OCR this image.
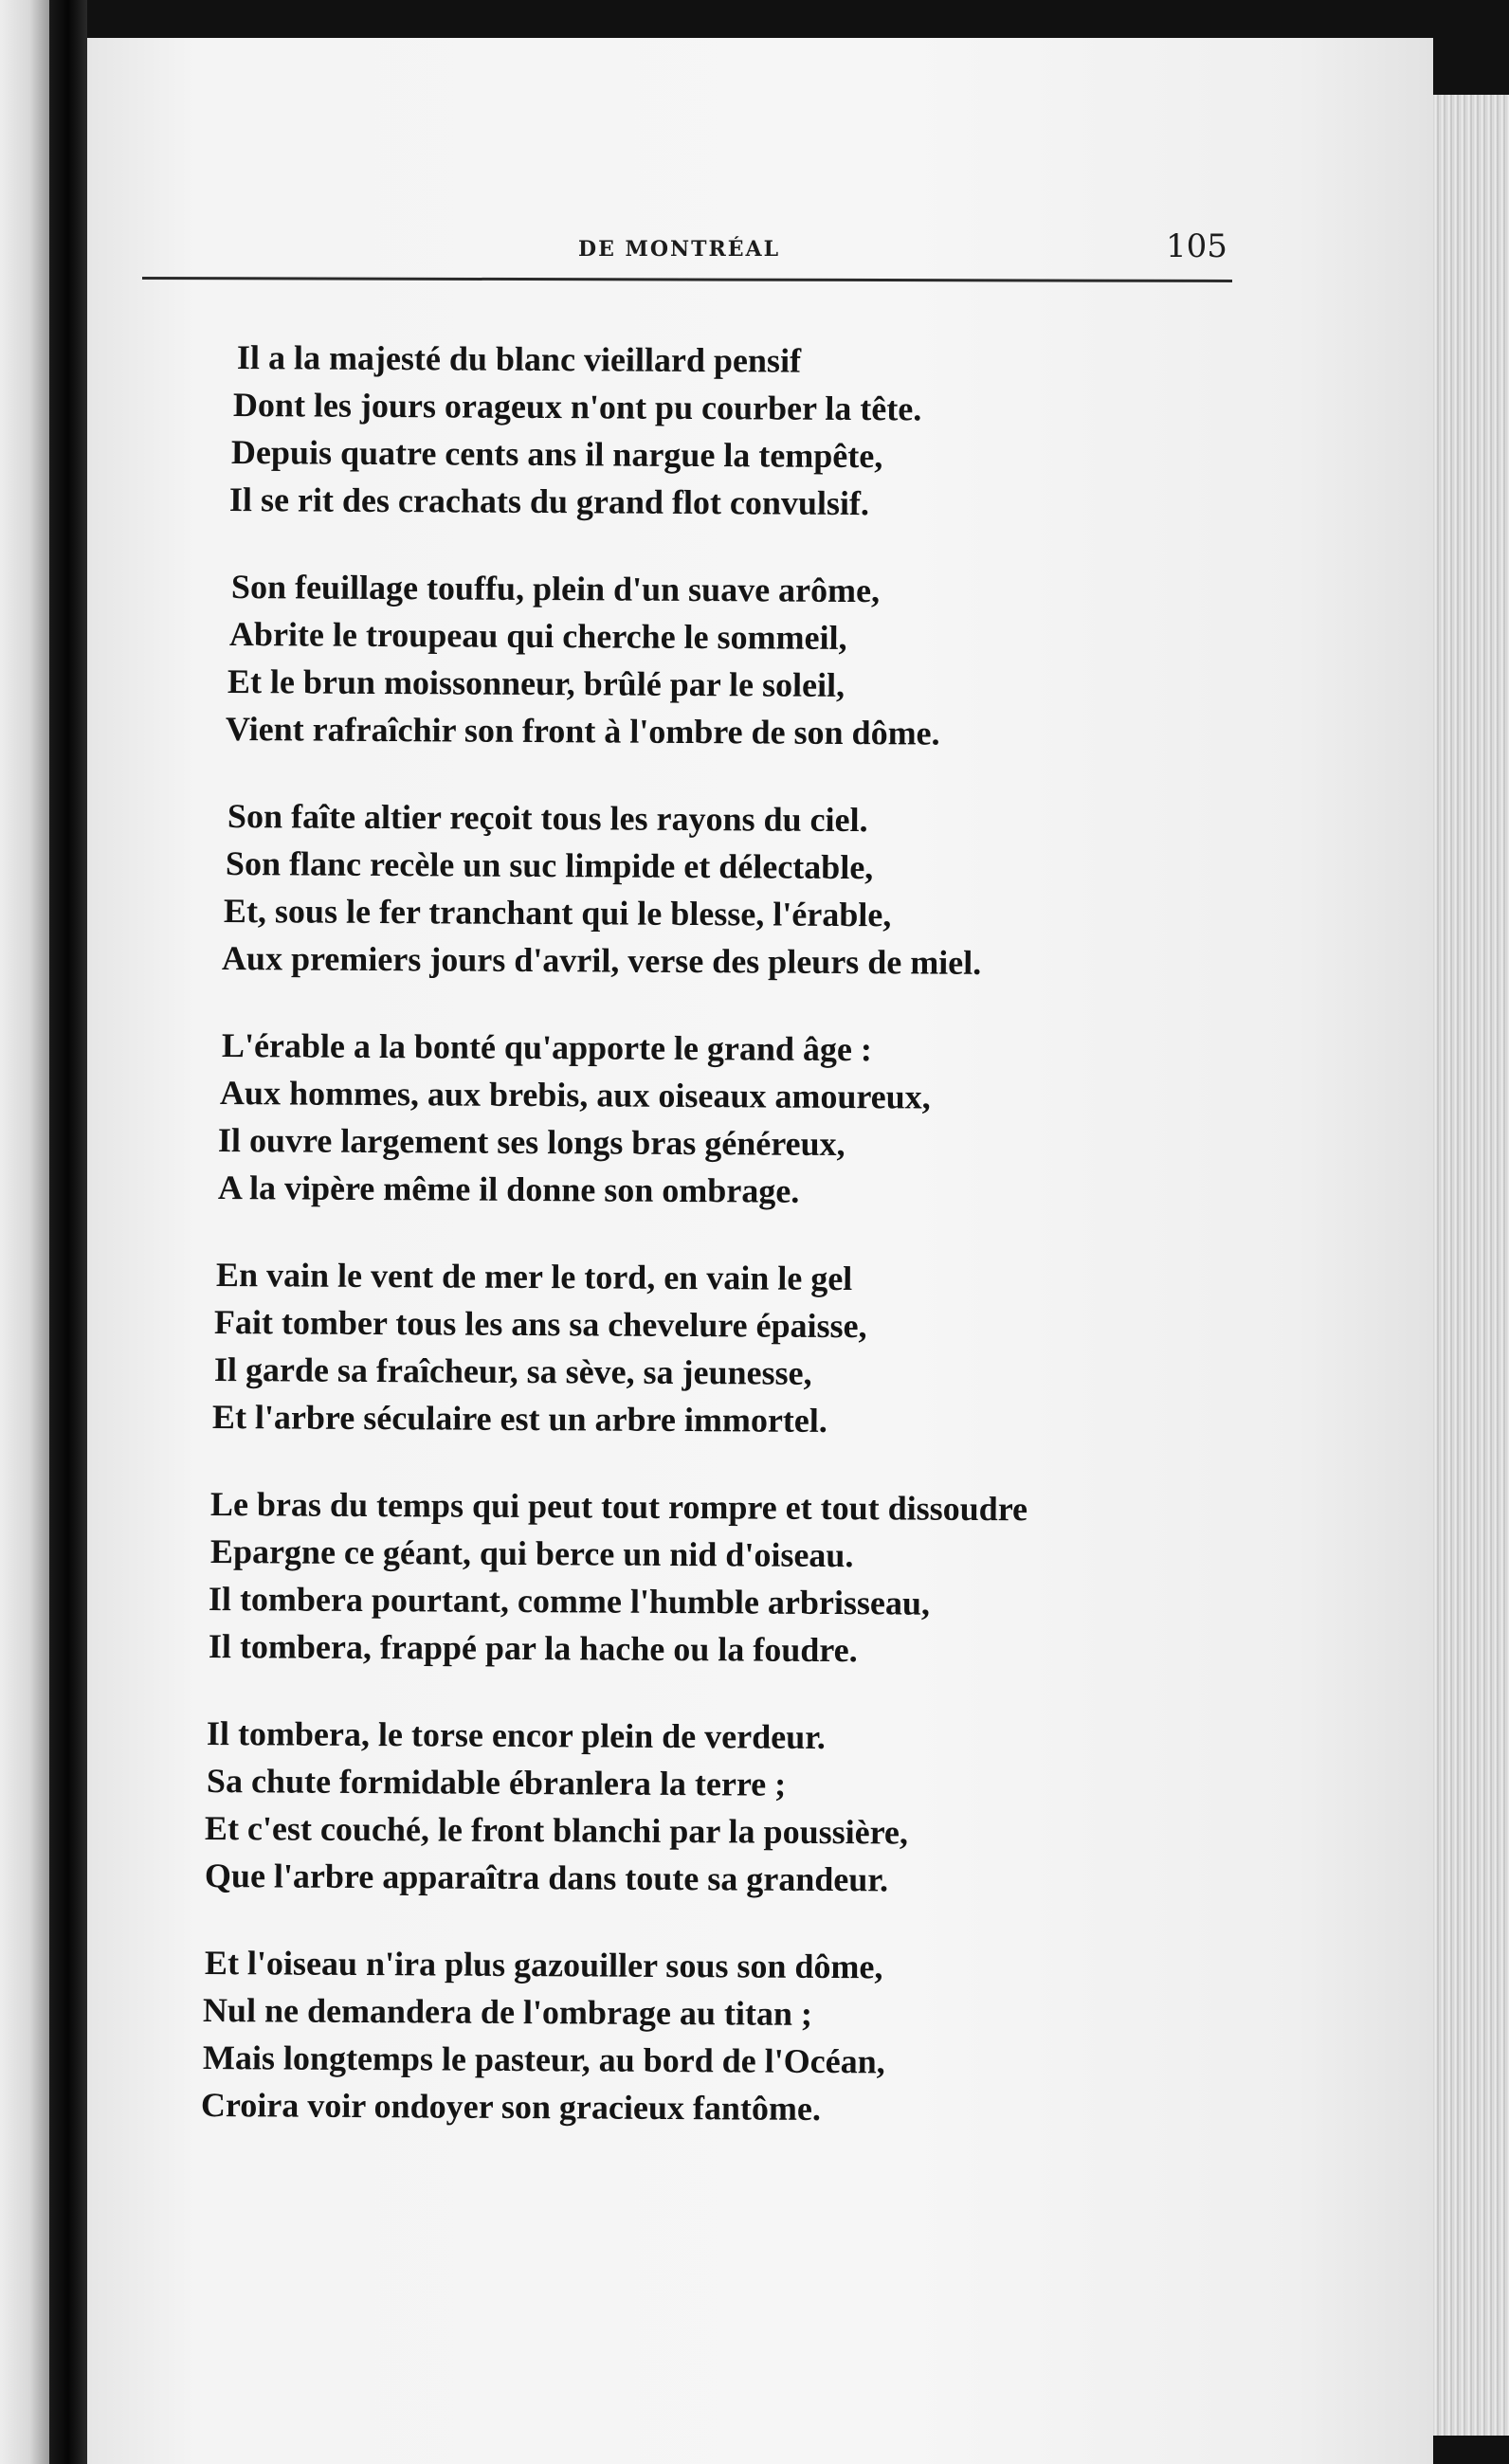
DE MONTRÉAL	105
Il a la majesté du blanc vieillard pensif
Dont les jours orageux n'ont pu courber la tête.
Depuis quatre cents ans il nargue la tempête,
Il se rit des crachats du grand flot convulsif.
Son feuillage touffu, plein d'un suave arôme,
Abrite le troupeau qui cherche le sommeil,
Et le brun moissonneur, brûlé par le soleil,
Vient rafraîchir son front à l'ombre de son dôme.
Son faîte altier reçoit tous les rayons du ciel.
Son flanc recèle un suc limpide et délectable,
Et, sous le fer tranchant qui le blesse, l'érable,
Aux premiers jours d'avril, verse des pleurs de miel.
L'érable a la bonté qu'apporte le grand âge :
Aux hommes, aux brebis, aux oiseaux amoureux,
Il ouvre largement ses longs bras généreux,
A la vipère même il donne son ombrage.
En vain le vent de mer le tord, en vain le gel
Fait tomber tous les ans sa chevelure épaisse,
Il garde sa fraîcheur, sa sève, sa jeunesse,
Et l'arbre séculaire est un arbre immortel.
Le bras du temps qui peut tout rompre et tout dissoudre
Epargne ce géant, qui berce un nid d'oiseau.
Il tombera pourtant, comme l'humble arbrisseau,
Il tombera, frappé par la hache ou la foudre.
Il tombera, le torse encor plein de verdeur.
Sa chute formidable ébranlera la terre ;
Et c'est couché, le front blanchi par la poussière,
Que l'arbre apparaîtra dans toute sa grandeur.
Et l'oiseau n'ira plus gazouiller sous son dôme,
Nul ne demandera de l'ombrage au titan ;
Mais longtemps le pasteur, au bord de l'Océan,
Croira voir ondoyer son gracieux fantôme.
